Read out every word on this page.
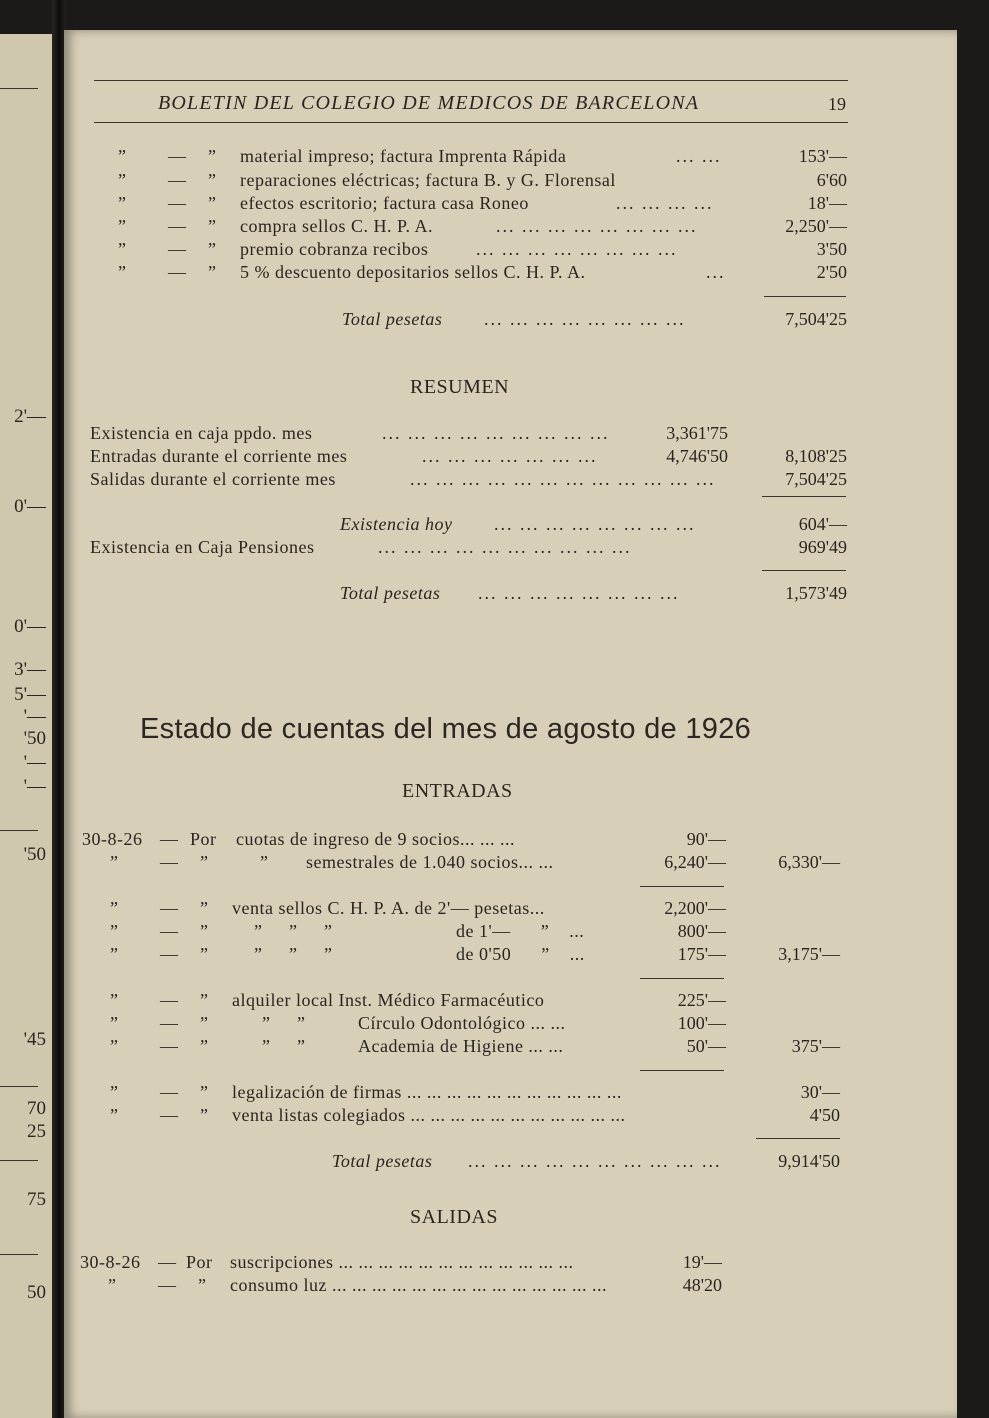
2'—
0'—
0'—
3'—
5'—
'—
'50
'—
'—
'50
'45
70
25
75
50
BOLETIN DEL COLEGIO DE MEDICOS DE BARCELONA	19
” — ” material impreso; factura Imprenta Rápida	... ...	153'—
” — ” reparaciones eléctricas; factura B. y G. Florensal	6'60
” — ” efectos escritorio; factura casa Roneo	... ... ... ...	18'—
” — ” compra sellos C. H. P. A.	... ... ... ... ... ... ... ...	2,250'—
” — ” premio cobranza recibos	... ... ... ... ... ... ... ...	3'50
” — ” 5 % descuento depositarios sellos C. H. P. A.	...	2'50
Total pesetas ... ... ... ... ... ... ... ...	7,504'25
RESUMEN
Existencia en caja ppdo. mes	... ... ... ... ... ... ... ... ...	3,361'75
Entradas durante el corriente mes	... ... ... ... ... ... ...	4,746'50	8,108'25
Salidas durante el corriente mes	... ... ... ... ... ... ... ... ... ... ... ...	7,504'25
Existencia hoy ... ... ... ... ... ... ... ...	604'—
Existencia en Caja Pensiones	... ... ... ... ... ... ... ... ... ...	969'49
Total pesetas ... ... ... ... ... ... ... ...	1,573'49
Estado de cuentas del mes de agosto de 1926
ENTRADAS
30-8-26 — Por cuotas de ingreso de 9 socios... ... ...	90'—
” — ”	” semestrales de 1.040 socios... ...	6,240'—	6,330'—
” — ” venta sellos C. H. P. A. de 2'— pesetas...	2,200'—
” — ”	”      ”      ”	de 1'—      ”    ...	800'—
” — ”	”      ”      ”	de 0'50      ”    ...	175'—	3,175'—
” — ” alquiler local Inst. Médico Farmacéutico	225'—
” — ”	”      ”	Círculo Odontológico ... ...	100'—
” — ”	”      ”	Academia de Higiene ... ...	50'—	375'—
” — ” legalización de firmas ... ... ... ... ... ... ... ... ... ... ...	30'—
” — ” venta listas colegiados ... ... ... ... ... ... ... ... ... ... ...	4'50
Total pesetas ... ... ... ... ... ... ... ... ... ...	9,914'50
SALIDAS
30-8-26 — Por suscripciones ... ... ... ... ... ... ... ... ... ... ... ...	19'—
” — ” consumo luz ... ... ... ... ... ... ... ... ... ... ... ... ... ...	48'20
